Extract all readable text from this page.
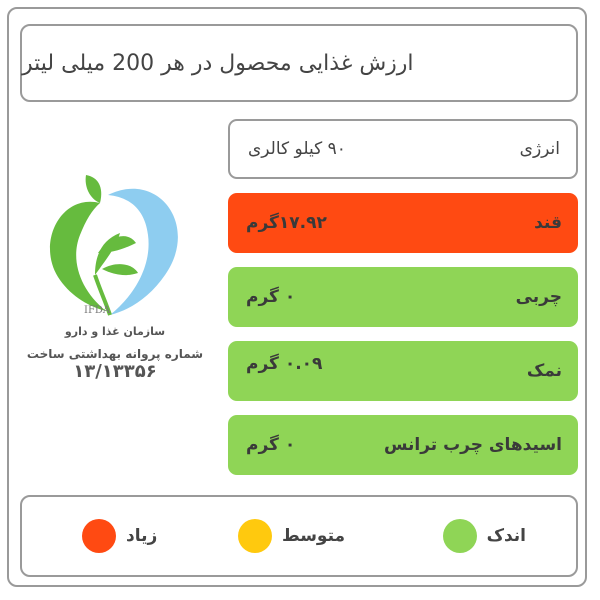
ارزش غذایی محصول در هر 200 میلی لیتر
انرژی
۹۰ کیلو کالری
قند
۱۷.۹۲گرم
چربی
۰ گرم
نمک
۰.۰۹ گرم
اسیدهای چرب ترانس
۰ گرم
IFDA
سازمان غذا و دارو
شماره پروانه بهداشتی ساخت
۱۳/۱۳۳۵۶
اندک
متوسط
زیاد
